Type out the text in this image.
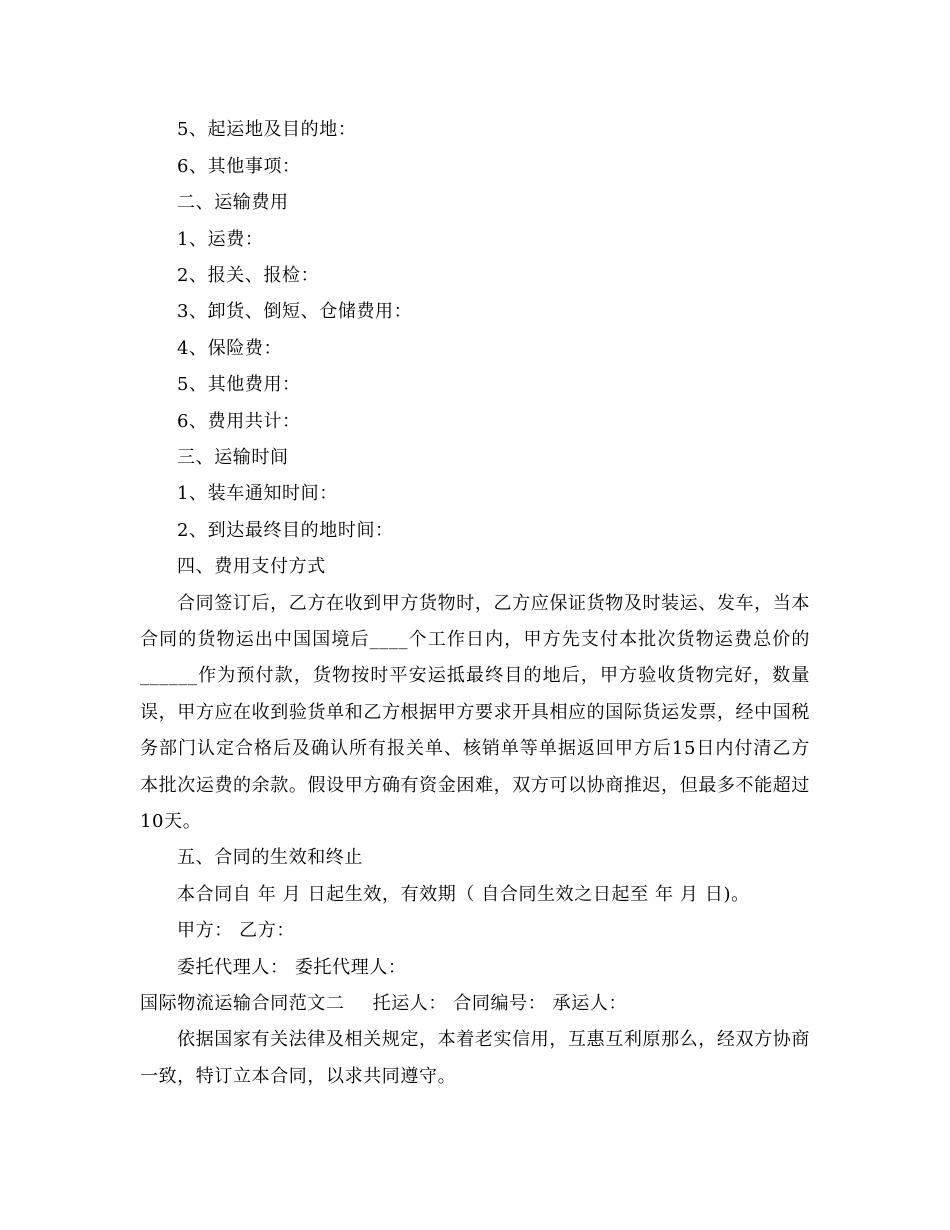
5、起运地及目的地：
6、其他事项：
二、运输费用
1、运费：
2、报关、报检：
3、卸货、倒短、仓储费用：
4、保险费：
5、其他费用：
6、费用共计：
三、运输时间
1、装车通知时间：
2、到达最终目的地时间：
四、费用支付方式
合同签订后，乙方在收到甲方货物时，乙方应保证货物及时装运、发车，当本
合同的货物运出中国国境后____个工作日内，甲方先支付本批次货物运费总价的
______作为预付款，货物按时平安运抵最终目的地后，甲方验收货物完好，数量
误，甲方应在收到验货单和乙方根据甲方要求开具相应的国际货运发票，经中国税
务部门认定合格后及确认所有报关单、核销单等单据返回甲方后15日内付清乙方
本批次运费的余款。假设甲方确有资金困难，双方可以协商推迟，但最多不能超过
10天。
五、合同的生效和终止
本合同自 年 月 日起生效，有效期（ 自合同生效之日起至 年 月 日)。
甲方： 乙方：
委托代理人： 委托代理人：
国际物流运输合同范文二 托运人： 合同编号： 承运人：
依据国家有关法律及相关规定，本着老实信用，互惠互利原那么，经双方协商
一致，特订立本合同，以求共同遵守。
